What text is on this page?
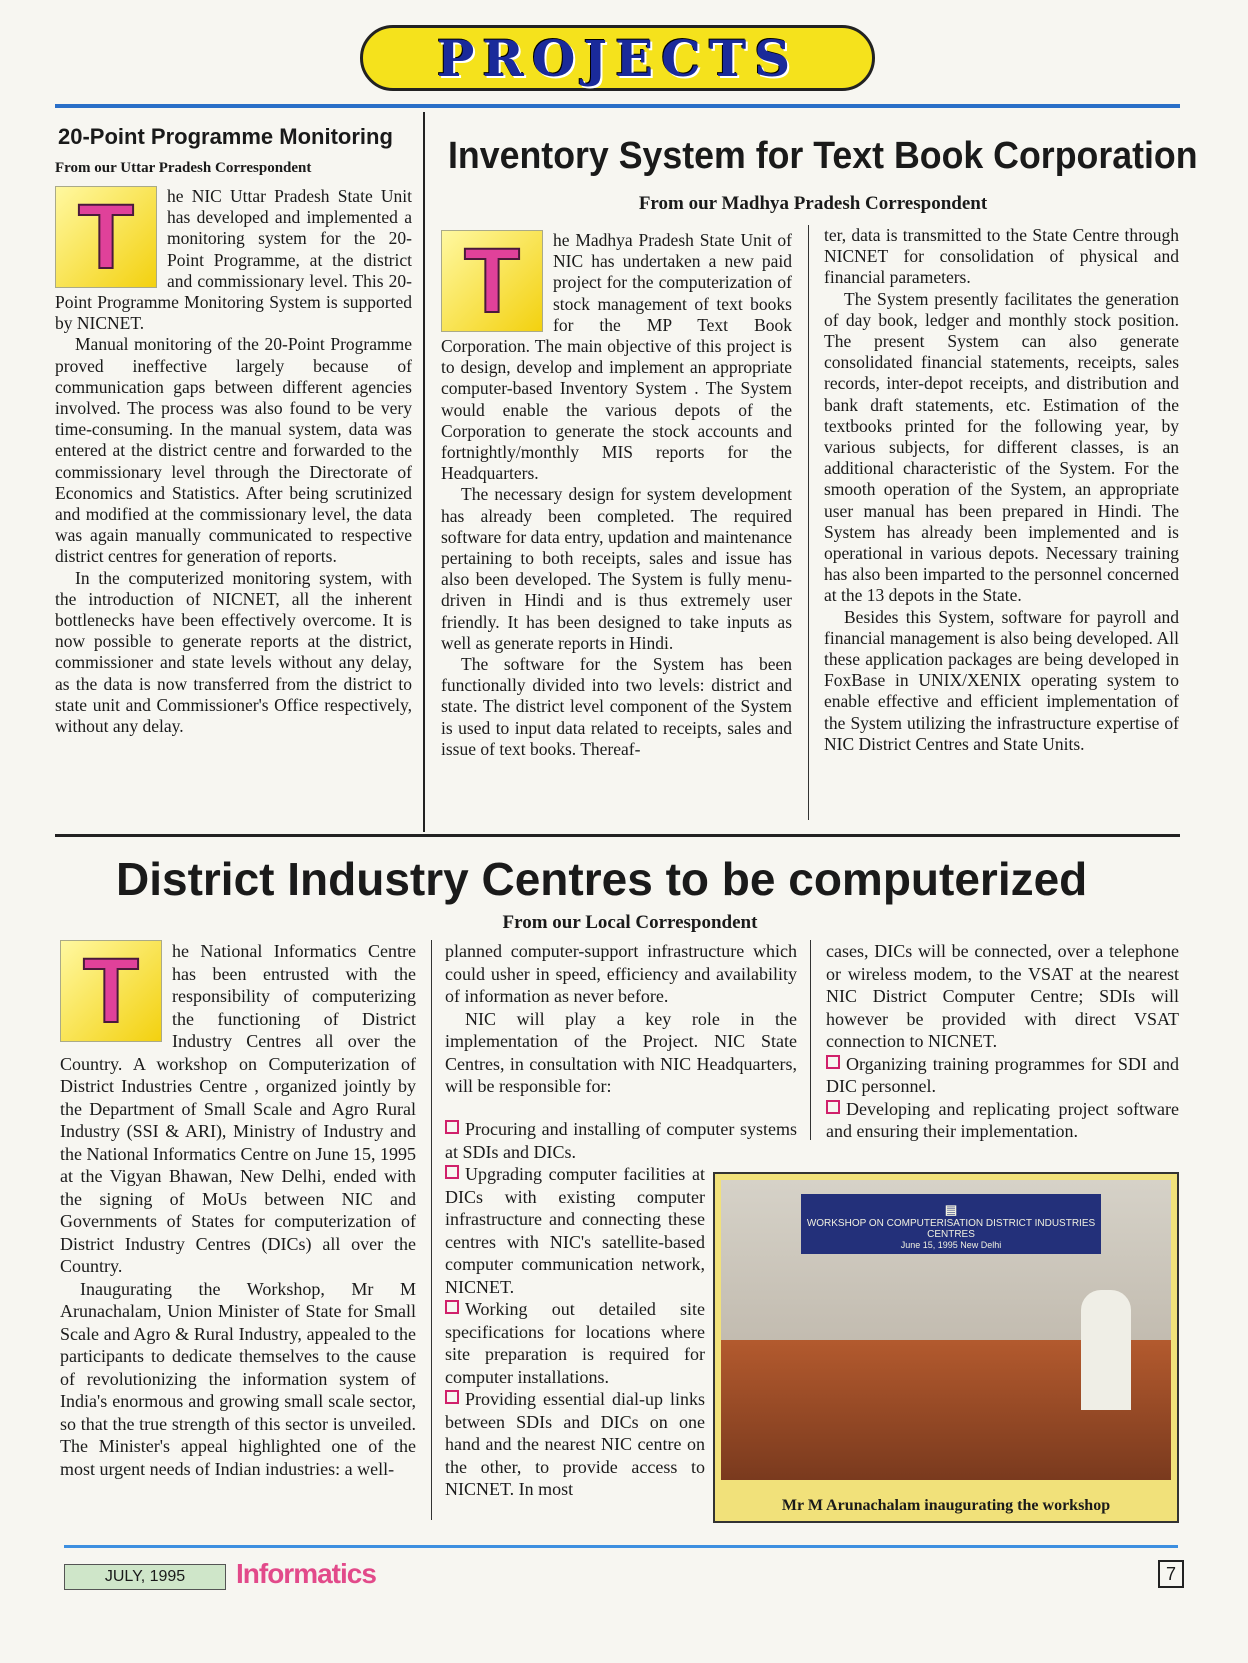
PROJECTS
20-Point Programme Monitoring
From our Uttar Pradesh Correspondent
T	he NIC Uttar Pradesh State Unit has developed and implemented a monitoring system for the 20-Point Programme, at the district and commissionary level. This 20-Point Programme Monitoring System is supported by NICNET.

Manual monitoring of the 20-Point Programme proved ineffective largely because of communication gaps between different agencies involved. The process was also found to be very time-consuming. In the manual system, data was entered at the district centre and forwarded to the commissionary level through the Directorate of Economics and Statistics. After being scrutinized and modified at the commissionary level, the data was again manually communicated to respective district centres for generation of reports.

In the computerized monitoring system, with the introduction of NICNET, all the inherent bottlenecks have been effectively overcome. It is now possible to generate reports at the district, commissioner and state levels without any delay, as the data is now transferred from the district to state unit and Commissioner's Office respectively, without any delay.

Inventory System for Text Book Corporation
From our Madhya Pradesh Correspondent
T	he Madhya Pradesh State Unit of NIC has undertaken a new paid project for the computerization of stock management of text books for the MP Text Book Corporation. The main objective of this project is to design, develop and implement an appropriate computer-based Inventory System . The System would enable the various depots of the Corporation to generate the stock accounts and fortnightly/monthly MIS reports for the Headquarters.

The necessary design for system development has already been completed. The required software for data entry, updation and maintenance pertaining to both receipts, sales and issue has also been developed. The System is fully menu-driven in Hindi and is thus extremely user friendly. It has been designed to take inputs as well as generate reports in Hindi.

The software for the System has been functionally divided into two levels: district and state. The district level component of the System is used to input data related to receipts, sales and issue of text books. Thereaf-

ter, data is transmitted to the State Centre through NICNET for consolidation of physical and financial parameters.

The System presently facilitates the generation of day book, ledger and monthly stock position. The present System can also generate consolidated financial statements, receipts, sales records, inter-depot receipts, and distribution and bank draft statements, etc. Estimation of the textbooks printed for the following year, by various subjects, for different classes, is an additional characteristic of the System. For the smooth operation of the System, an appropriate user manual has been prepared in Hindi. The System has already been implemented and is operational in various depots. Necessary training has also been imparted to the personnel concerned at the 13 depots in the State.

Besides this System, software for payroll and financial management is also being developed. All these application packages are being developed in FoxBase in UNIX/XENIX operating system to enable effective and efficient implementation of the System utilizing the infrastructure expertise of NIC District Centres and State Units.

District Industry Centres to be computerized
From our Local Correspondent
T	he National Informatics Centre has been entrusted with the responsibility of computerizing the functioning of District Industry Centres all over the Country. A workshop on Computerization of District Industries Centre , organized jointly by the Department of Small Scale and Agro Rural Industry (SSI & ARI), Ministry of Industry and the National Informatics Centre on June 15, 1995 at the Vigyan Bhawan, New Delhi, ended with the signing of MoUs between NIC and Governments of States for computerization of District Industry Centres (DICs) all over the Country.

Inaugurating the Workshop, Mr M Arunachalam, Union Minister of State for Small Scale and Agro & Rural Industry, appealed to the participants to dedicate themselves to the cause of revolutionizing the information system of India's enormous and growing small scale sector, so that the true strength of this sector is unveiled. The Minister's appeal highlighted one of the most urgent needs of Indian industries: a well-

planned computer-support infrastructure which could usher in speed, efficiency and availability of information as never before.

NIC will play a key role in the implementation of the Project. NIC State Centres, in consultation with NIC Headquarters, will be responsible for:

Procuring and installing of computer systems at SDIs and DICs.

Upgrading computer facilities at DICs with existing computer infrastructure and connecting these centres with NIC's satellite-based computer communication network, NICNET.

Working out detailed site specifications for locations where site preparation is required for computer installations.

Providing essential dial-up links between SDIs and DICs on one hand and the nearest NIC centre on the other, to provide access to NICNET. In most

cases, DICs will be connected, over a telephone or wireless modem, to the VSAT at the nearest NIC District Computer Centre; SDIs will however be provided with direct VSAT connection to NICNET.

Organizing training programmes for SDI and DIC personnel.

Developing and replicating project software and ensuring their implementation.

▤
WORKSHOP ON COMPUTERISATION DISTRICT INDUSTRIES CENTRES
June 15, 1995 New Delhi
Mr M Arunachalam inaugurating the workshop
JULY, 1995	Informatics	7
